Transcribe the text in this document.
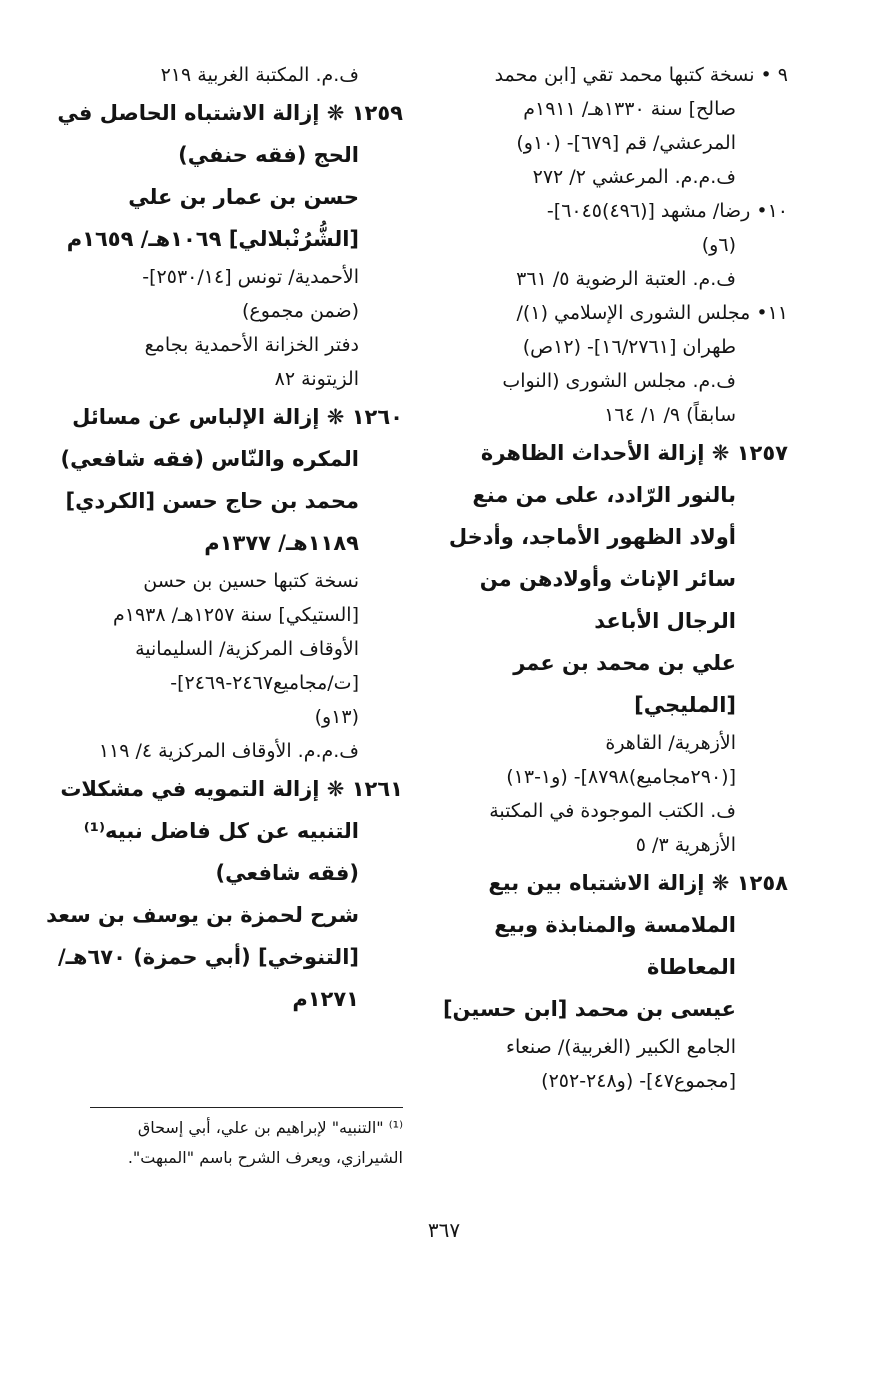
٩ • نسخة كتبها محمد تقي [ابن محمد
صالح] سنة ١٣٣٠هـ/ ١٩١١م
المرعشي/ قم [٦٧٩]- (١٠و)
ف.م.م. المرعشي ٢/ ٢٧٢
١٠• رضا/ مشهد [(٤٩٦)٦٠٤٥]-
(٦و)
ف.م. العتبة الرضوية ٥/ ٣٦١
١١• مجلس الشورى الإسلامي (١)/
طهران [١٦/٢٧٦١]- (١٢ص)
ف.م. مجلس الشورى (النواب
سابقاً) ٩/ ١/ ١٦٤
١٢٥٧ ❋ إزالة الأحداث الظاهرة
بالنور الرّادد، على من منع
أولاد الظهور الأماجد، وأدخل
سائر الإناث وأولادهن من
الرجال الأباعد
علي بن محمد بن عمر
[المليجي]
الأزهرية/ القاهرة
[(٢٩٠مجاميع)٨٧٩٨]- (و١-١٣)
ف. الكتب الموجودة في المكتبة
الأزهرية ٣/ ٥
١٢٥٨ ❋ إزالة الاشتباه بين بيع
الملامسة والمنابذة وبيع
المعاطاة
عيسى بن محمد [ابن حسين]
الجامع الكبير (الغربية)/ صنعاء
[مجموع٤٧]- (و٢٤٨-٢٥٢)
ف.م. المكتبة الغربية ٢١٩
١٢٥٩ ❋ إزالة الاشتباه الحاصل في
الحج (فقه حنفي)
حسن بن عمار بن علي
[الشُّرُنْبلالي] ١٠٦٩هـ/ ١٦٥٩م
الأحمدية/ تونس [٢٥٣٠/١٤]-
(ضمن مجموع)
دفتر الخزانة الأحمدية بجامع
الزيتونة ٨٢
١٢٦٠ ❋ إزالة الإلباس عن مسائل
المكره والنّاس (فقه شافعي)
محمد بن حاج حسن [الكردي]
١١٨٩هـ/ ١٣٧٧م
نسخة كتبها حسين بن حسن
[الستيكي] سنة ١٢٥٧هـ/ ١٩٣٨م
الأوقاف المركزية/ السليمانية
[ت/مجاميع٢٤٦٧-٢٤٦٩]-
(١٣و)
ف.م.م. الأوقاف المركزية ٤/ ١١٩
١٢٦١ ❋ إزالة التمويه في مشكلات
التنبيه عن كل فاضل نبيه⁽¹⁾
(فقه شافعي)
شرح لحمزة بن يوسف بن سعد
[التنوخي] (أبي حمزة) ٦٧٠هـ/
١٢٧١م
⁽¹⁾ "التنبيه" لإبراهيم بن علي، أبي إسحاق
الشيرازي، ويعرف الشرح باسم "المبهت".
٣٦٧
